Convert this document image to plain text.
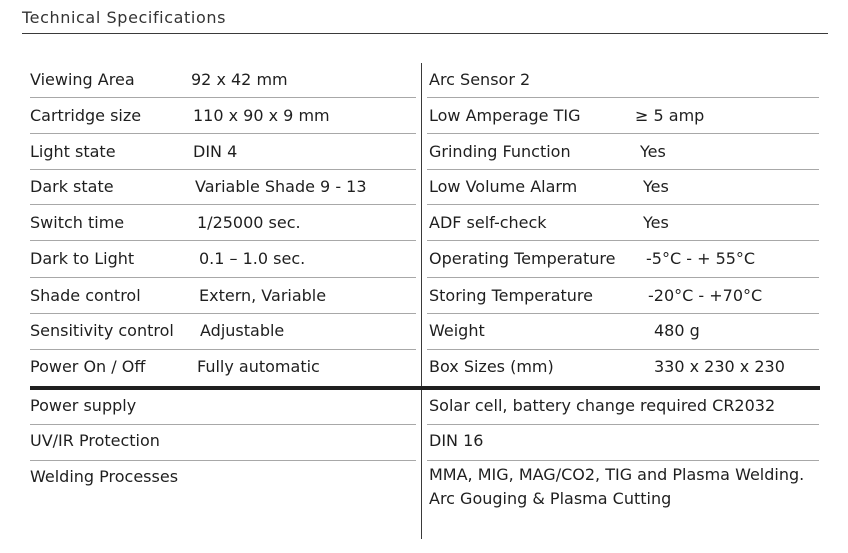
Technical Specifications
Viewing Area	92 x 42 mm
Cartridge size	110 x 90 x 9 mm
Light state	DIN 4
Dark state	Variable Shade 9 - 13
Switch time	1/25000 sec.
Dark to Light	0.1 – 1.0 sec.
Shade control	Extern, Variable
Sensitivity control Adjustable
Power On / Off	Fully automatic
Arc Sensor 2
Low Amperage TIG	≥ 5 amp
Grinding Function	Yes
Low Volume Alarm	Yes
ADF self-check	Yes
Operating Temperature -5°C - + 55°C
Storing Temperature	-20°C - +70°C
Weight	480 g
Box Sizes (mm)	330 x 230 x 230
Power supply	Solar cell, battery change required CR2032
UV/IR Protection	DIN 16
Welding Processes	MMA, MIG, MAG/CO2, TIG and Plasma Welding. Arc Gouging & Plasma Cutting
